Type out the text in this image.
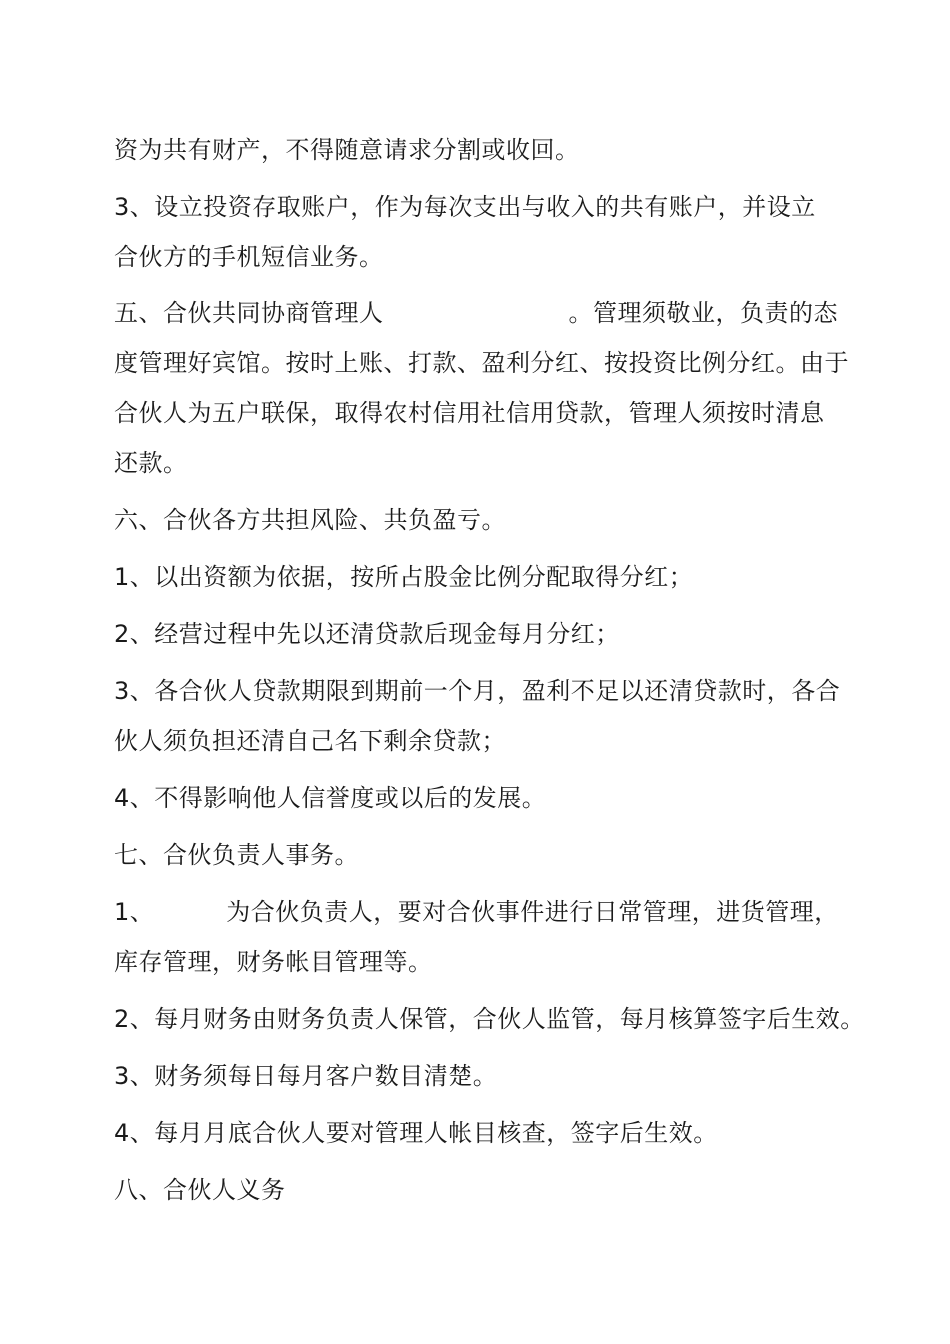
资为共有财产，不得随意请求分割或收回。
3、设立投资存取账户，作为每次支出与收入的共有账户，并设立
合伙方的手机短信业务。
五、合伙共同协商管理人	。管理须敬业，负责的态
度管理好宾馆。按时上账、打款、盈利分红、按投资比例分红。由于
合伙人为五户联保，取得农村信用社信用贷款，管理人须按时清息
还款。
六、合伙各方共担风险、共负盈亏。
1、以出资额为依据，按所占股金比例分配取得分红；
2、经营过程中先以还清贷款后现金每月分红；
3、各合伙人贷款期限到期前一个月，盈利不足以还清贷款时，各合
伙人须负担还清自己名下剩余贷款；
4、不得影响他人信誉度或以后的发展。
七、合伙负责人事务。
1、	为合伙负责人，要对合伙事件进行日常管理，进货管理，
库存管理，财务帐目管理等。
2、每月财务由财务负责人保管，合伙人监管，每月核算签字后生效。
3、财务须每日每月客户数目清楚。
4、每月月底合伙人要对管理人帐目核查，签字后生效。
八、合伙人义务
